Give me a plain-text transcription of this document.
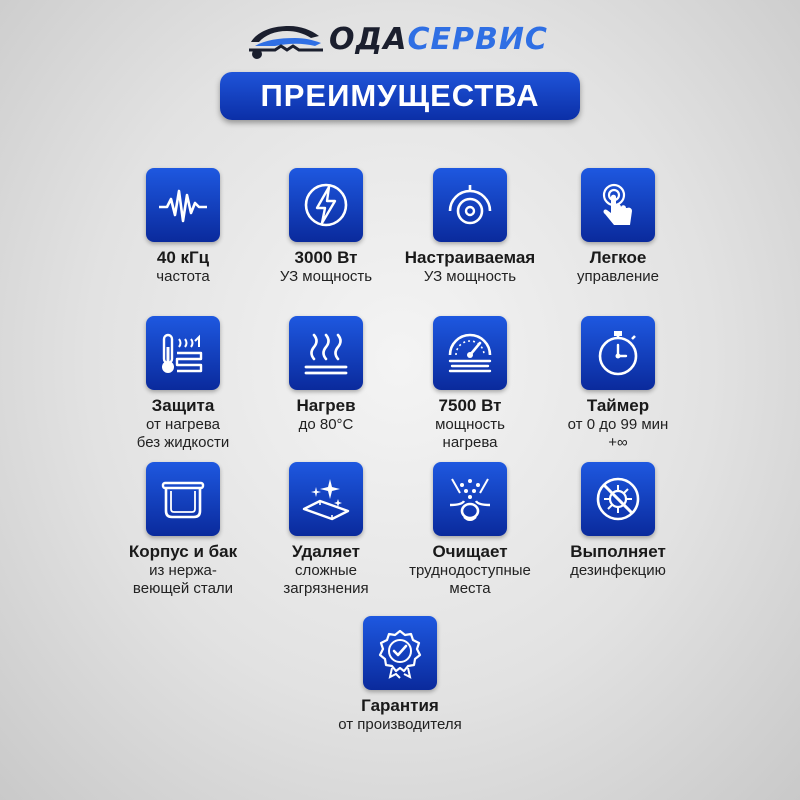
ОДАСЕРВИС
ПРЕИМУЩЕСТВА
40 кГц
частота
3000 Вт
УЗ мощность
Настраиваемая
УЗ мощность
Легкое
управление
Защита
от нагрева
без жидкости
Нагрев
до 80°С
7500 Вт
мощность
нагрева
Таймер
от 0 до 99 мин
+∞
Корпус и бак
из нержа-
веющей стали
Удаляет
сложные
загрязнения
Очищает
труднодоступные
места
Выполняет
дезинфекцию
Гарантия
от производителя
